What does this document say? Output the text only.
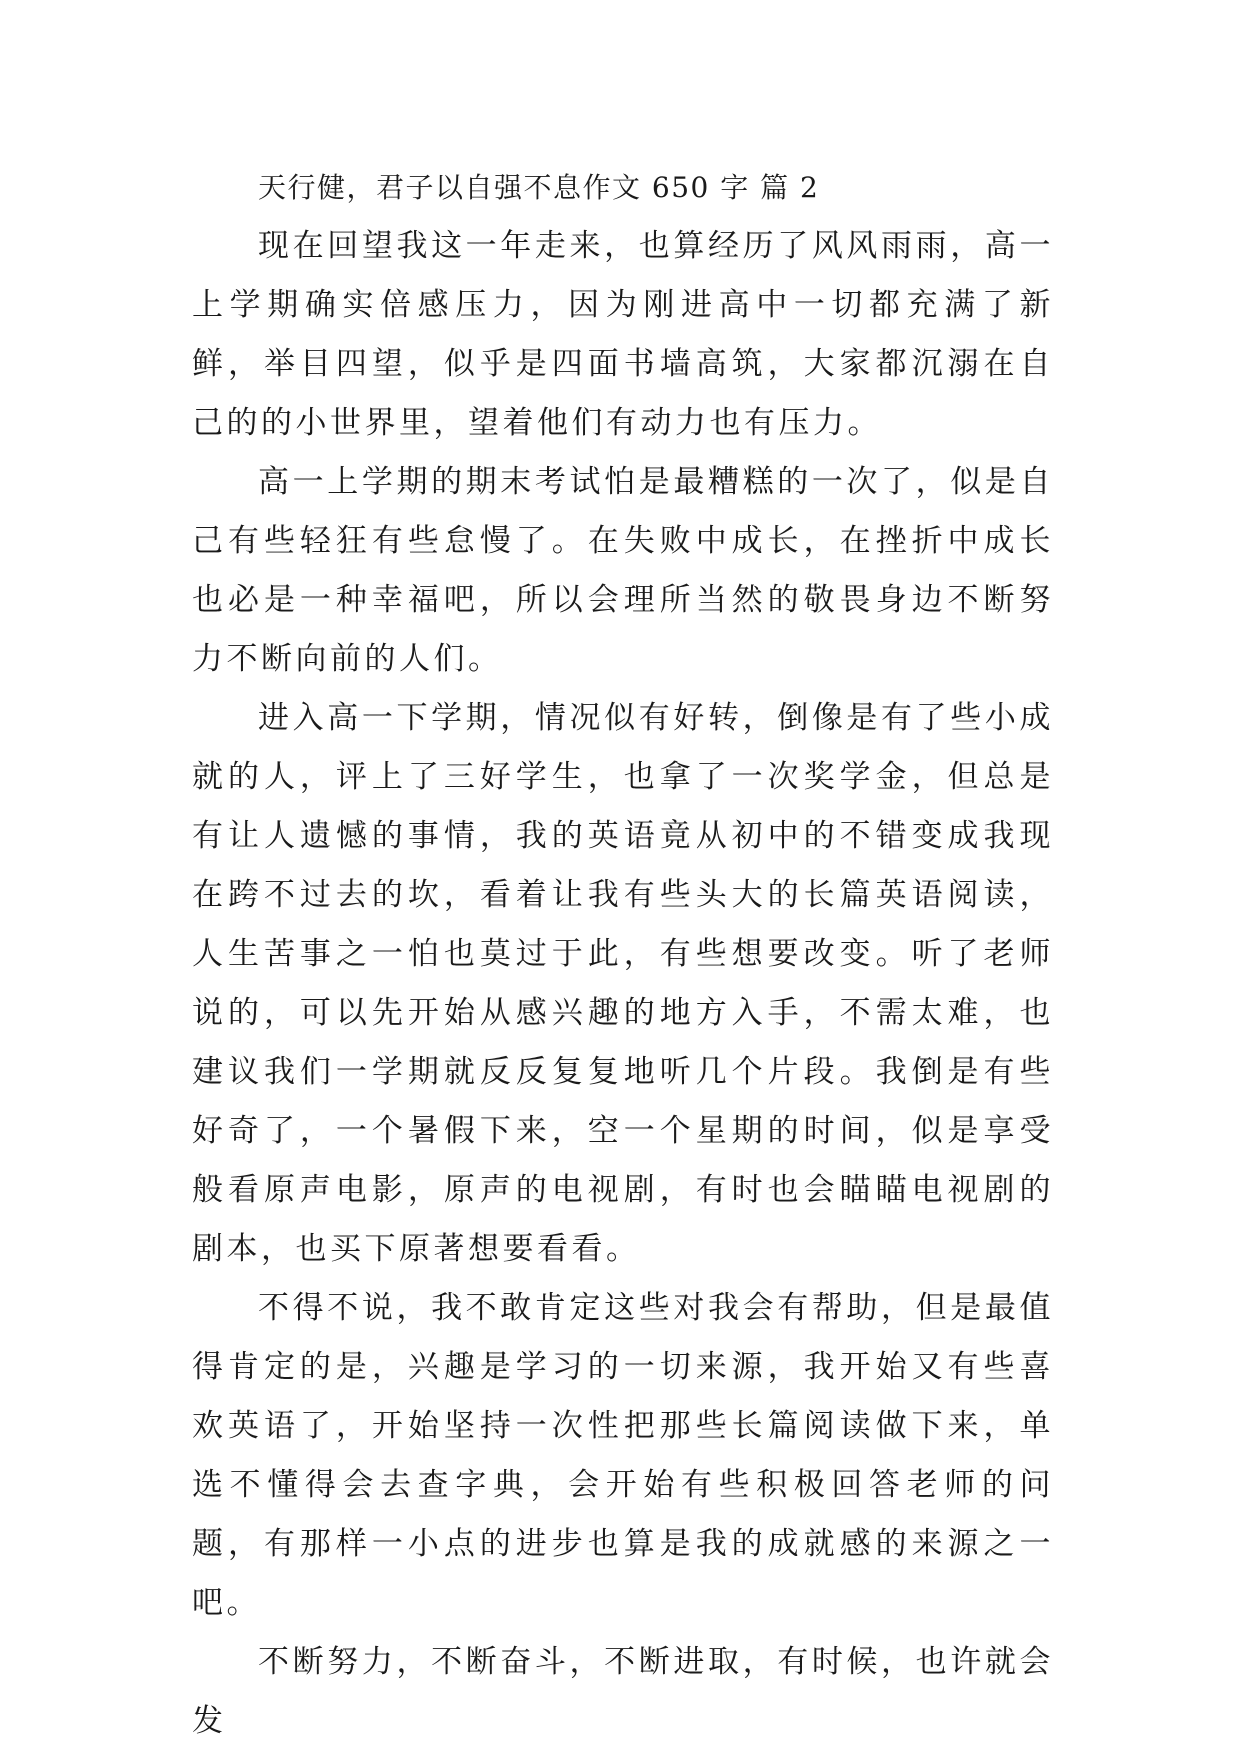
天行健，君子以自强不息作文 650 字 篇 2

现在回望我这一年走来，也算经历了风风雨雨，高一上学期确实倍感压力，因为刚进高中一切都充满了新鲜，举目四望，似乎是四面书墙高筑，大家都沉溺在自己的的小世界里，望着他们有动力也有压力。

高一上学期的期末考试怕是最糟糕的一次了，似是自己有些轻狂有些怠慢了。在失败中成长，在挫折中成长也必是一种幸福吧，所以会理所当然的敬畏身边不断努力不断向前的人们。

进入高一下学期，情况似有好转，倒像是有了些小成就的人，评上了三好学生，也拿了一次奖学金，但总是有让人遗憾的事情，我的英语竟从初中的不错变成我现在跨不过去的坎，看着让我有些头大的长篇英语阅读，人生苦事之一怕也莫过于此，有些想要改变。听了老师说的，可以先开始从感兴趣的地方入手，不需太难，也建议我们一学期就反反复复地听几个片段。我倒是有些好奇了，一个暑假下来，空一个星期的时间，似是享受般看原声电影，原声的电视剧，有时也会瞄瞄电视剧的剧本，也买下原著想要看看。

不得不说，我不敢肯定这些对我会有帮助，但是最值得肯定的是，兴趣是学习的一切来源，我开始又有些喜欢英语了，开始坚持一次性把那些长篇阅读做下来，单选不懂得会去查字典，会开始有些积极回答老师的问题，有那样一小点的进步也算是我的成就感的来源之一吧。

不断努力，不断奋斗，不断进取，有时候，也许就会发
